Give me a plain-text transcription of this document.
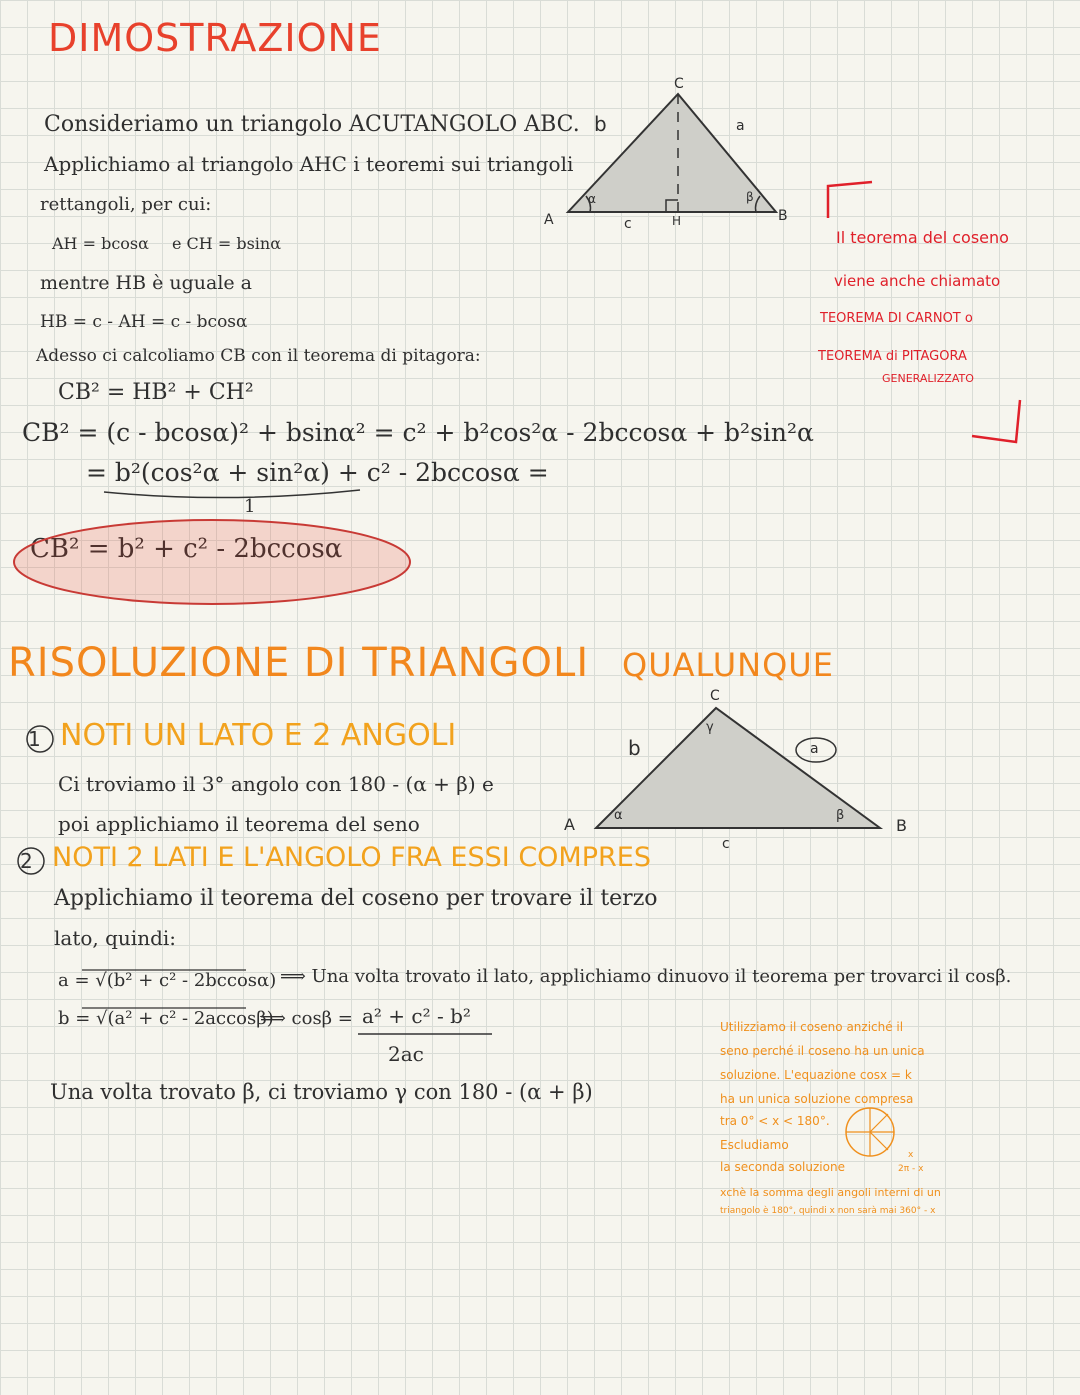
DIMOSTRAZIONE
Consideriamo un triangolo ACUTANGOLO ABC.
Applichiamo al triangolo AHC i teoremi sui triangoli
rettangoli, per cui:
AH = bcosα e CH = bsinα
mentre HB è uguale a
HB = c - AH = c - bcosα
Adesso ci calcoliamo CB con il teorema di pitagora:
CB² = HB² + CH²
CB² = (c - bcosα)² + bsinα² = c² + b²cos²α - 2bccosα + b²sin²α
= b²(cos²α + sin²α) + c² - 2bccosα =
1
RISOLUZIONE DI TRIANGOLI QUALUNQUE
1 NOTI UN LATO E 2 ANGOLI
Ci troviamo il 3° angolo con 180 - (α + β) e
poi applichiamo il teorema del seno
2 NOTI 2 LATI E L'ANGOLO FRA ESSI COMPRES
Applichiamo il teorema del coseno per trovare il terzo
lato, quindi:
a = √(b² + c² - 2bccosα) ⟹ Una volta trovato il lato, applichiamo dinuovo il teorema per trovarci il cosβ.
b = √(a² + c² - 2accosβ)
⟹ cosβ = a² + c² - b²
2ac
Una volta trovato β, ci troviamo γ con 180 - (α + β)
C
A	B
H
b	a
c
α	β
Il teorema del coseno
viene anche chiamato
TEOREMA DI CARNOT o
TEOREMA di PITAGORA
GENERALIZZATO
C
A	B
b	a
c
α	β
γ
Utilizziamo il coseno anziché il
seno perché il coseno ha un unica
soluzione. L'equazione cosx = k
ha un unica soluzione compresa
tra 0° < x < 180°.
Escludiamo
la seconda soluzione
xchè la somma degli angoli interni di un
triangolo è 180°, quindi x non sarà mai 360° - x
x
2π - x
